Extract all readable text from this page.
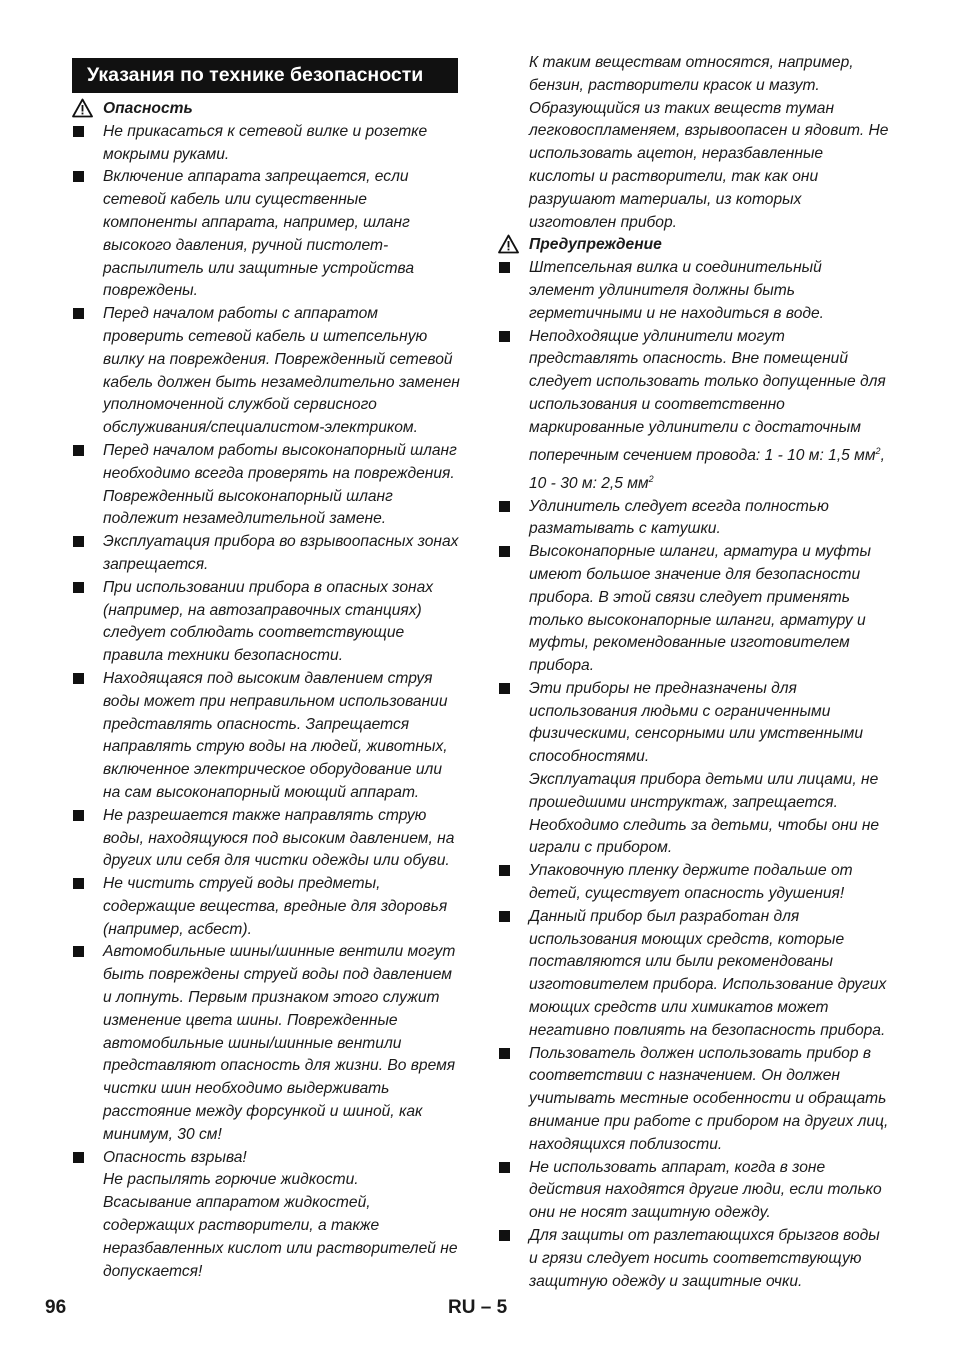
Указания по технике безопасности
Опасность

Не прикасаться к сетевой вилке и розетке мокрыми руками.

Включение аппарата запрещается, если сетевой кабель или существенные компоненты аппарата, например, шланг высокого давления, ручной пистолет-распылитель или защитные устройства повреждены.

Перед началом работы с аппаратом проверить сетевой кабель и штепсельную вилку на повреждения. Поврежденный сетевой кабель должен быть незамедлительно заменен уполномоченной службой сервисного обслуживания/специалистом-электриком.

Перед началом работы высоконапорный шланг необходимо всегда проверять на повреждения. Поврежденный высоконапорный шланг подлежит незамедлительной замене.

Эксплуатация прибора во взрывоопасных зонах запрещается.

При использовании прибора в опасных зонах (например, на автозаправочных станциях) следует соблюдать соответствующие правила техники безопасности.

Находящаяся под высоким давлением струя воды может при неправильном использовании представлять опасность. Запрещается направлять струю воды на людей, животных, включенное электрическое оборудование или на сам высоконапорный моющий аппарат.

Не разрешается также направлять струю воды, находящуюся под высоким давлением, на других или себя для чистки одежды или обуви.

Не чистить струей воды предметы, содержащие вещества, вредные для здоровья (например, асбест).

Автомобильные шины/шинные вентили могут быть повреждены струей воды под давлением и лопнуть. Первым признаком этого служит изменение цвета шины. Поврежденные автомобильные шины/шинные вентили представляют опасность для жизни. Во время чистки шин необходимо выдерживать расстояние между форсункой и шиной, как минимум, 30 см!

Опасность взрыва!

Не распылять горючие жидкости.

Всасывание аппаратом жидкостей, содержащих растворители, а также неразбавленных кислот или растворителей не допускается!

К таким веществам относятся, например, бензин, растворители красок и мазут. Образующийся из таких веществ туман легковоспламеняем, взрывоопасен и ядовит. Не использовать ацетон, неразбавленные кислоты и растворители, так как они разрушают материалы, из которых изготовлен прибор.

Предупреждение

Штепсельная вилка и соединительный элемент удлинителя должны быть герметичными и не находиться в воде.

Неподходящие удлинители могут представлять опасность. Вне помещений следует использовать только допущенные для использования и соответственно маркированные удлинители с достаточным поперечным сечением провода: 1 - 10 м: 1,5 $мм^2$, 10 - 30 м: 2,5 $мм^2$

Удлинитель следует всегда полностью разматывать с катушки.

Высоконапорные шланги, арматура и муфты имеют большое значение для безопасности прибора. В этой связи следует применять только высоконапорные шланги, арматуру и муфты, рекомендованные изготовителем прибора.

Эти приборы не предназначены для использования людьми с ограниченными физическими, сенсорными или умственными способностями.

Эксплуатация прибора детьми или лицами, не прошедшими инструктаж, запрещается. Необходимо следить за детьми, чтобы они не играли с прибором.

Упаковочную пленку держите подальше от детей, существует опасность удушения!

Данный прибор был разработан для использования моющих средств, которые поставляются или были рекомендованы изготовителем прибора. Использование других моющих средств или химикатов может негативно повлиять на безопасность прибора.

Пользователь должен использовать прибор в соответствии с назначением. Он должен учитывать местные особенности и обращать внимание при работе с прибором на других лиц, находящихся поблизости.

Не использовать аппарат, когда в зоне действия находятся другие люди, если только они не носят защитную одежду.

Для защиты от разлетающихся брызгов воды и грязи следует носить соответствующую защитную одежду и защитные очки.

96	RU – 5
